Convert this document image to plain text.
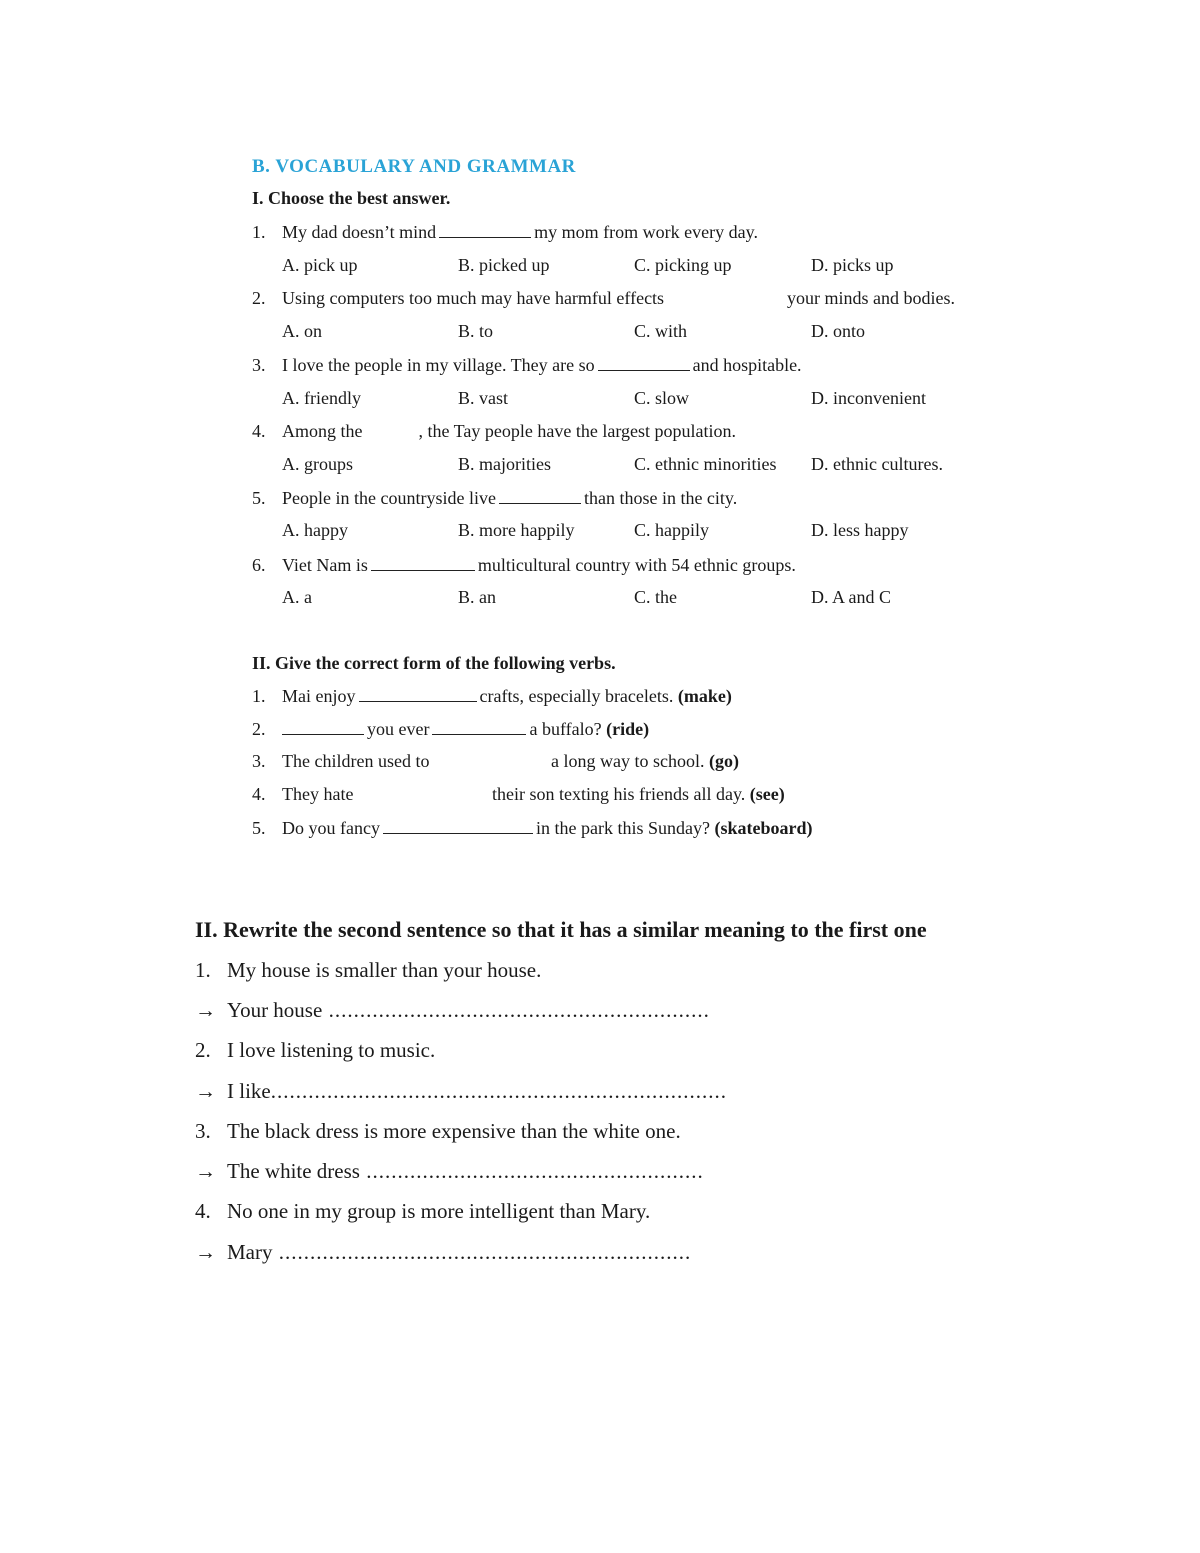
B. VOCABULARY AND GRAMMAR
I. Choose the best answer.
1. My dad doesn’t mind	my mom from work every day.
A. pick up	B. picked up	C. picking up	D. picks up
2. Using computers too much may have harmful effects	your minds and bodies.
A. on	B. to	C. with	D. onto
3. I love the people in my village. They are so	and hospitable.
A. friendly	B. vast	C. slow	D. inconvenient
4. Among the	, the Tay people have the largest population.
A. groups	B. majorities	C. ethnic minorities D. ethnic cultures.
5. People in the countryside live	than those in the city.
A. happy	B. more happily	C. happily	D. less happy
6. Viet Nam is	multicultural country with 54 ethnic groups.
A. a	B. an	C. the	D. A and C
II. Give the correct form of the following verbs.
1. Mai enjoy	crafts, especially bracelets. (make)
2.	you ever	a buffalo? (ride)
3. The children used to	a long way to school. (go)
4. They hate	their son texting his friends all day. (see)
5. Do you fancy	in the park this Sunday? (skateboard)
II. Rewrite the second sentence so that it has a similar meaning to the first one
1. My house is smaller than your house.
→ Your house .............................................................
2. I love listening to music.
→ I like.........................................................................
3. The black dress is more expensive than the white one.
→ The white dress ......................................................
4. No one in my group is more intelligent than Mary.
→ Mary ..................................................................
